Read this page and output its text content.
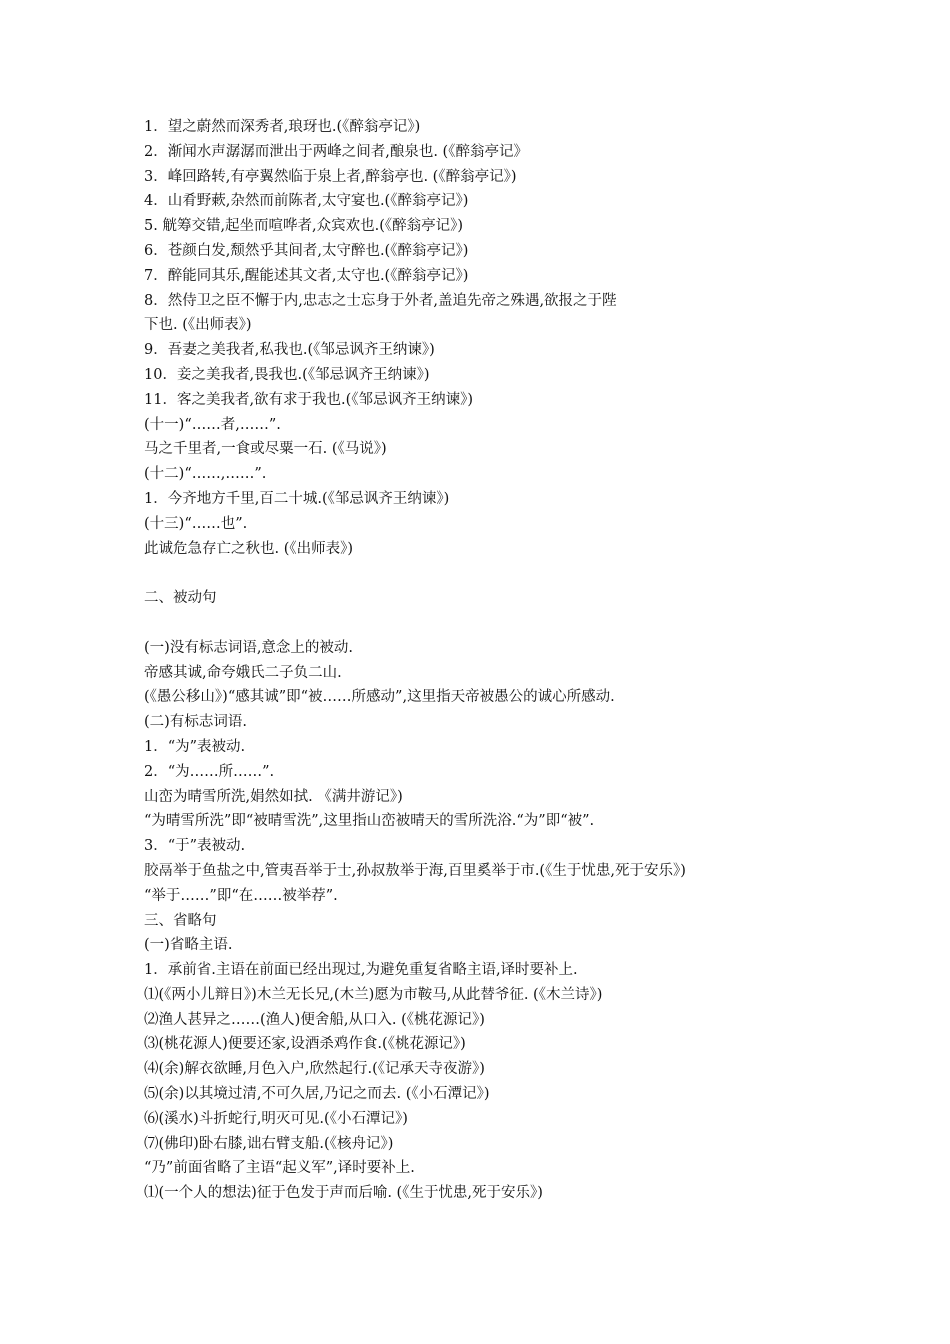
1．望之蔚然而深秀者,琅玡也.(《醉翁亭记》)
2．渐闻水声潺潺而泄出于两峰之间者,酿泉也. (《醉翁亭记》
3．峰回路转,有亭翼然临于泉上者,醉翁亭也. (《醉翁亭记》)
4．山肴野蔌,杂然而前陈者,太守宴也.(《醉翁亭记》)
5. 觥筹交错,起坐而喧哗者,众宾欢也.(《醉翁亭记》)
6．苍颜白发,颓然乎其间者,太守醉也.(《醉翁亭记》)
7．醉能同其乐,醒能述其文者,太守也.(《醉翁亭记》)
8．然侍卫之臣不懈于内,忠志之士忘身于外者,盖追先帝之殊遇,欲报之于陛
下也. (《出师表》)
9．吾妻之美我者,私我也.(《邹忌讽齐王纳谏》)
10．妾之美我者,畏我也.(《邹忌讽齐王纳谏》)
11．客之美我者,欲有求于我也.(《邹忌讽齐王纳谏》)
(十一)“……者,……”.
马之千里者,一食或尽粟一石. (《马说》)
(十二)“……,……”.
1．今齐地方千里,百二十城.(《邹忌讽齐王纳谏》)
(十三)“……也”.
此诚危急存亡之秋也. (《出师表》)
二、被动句
(一)没有标志词语,意念上的被动.
帝感其诚,命夸娥氏二子负二山.
(《愚公移山》)“感其诚”即“被……所感动”,这里指天帝被愚公的诚心所感动.
(二)有标志词语.
1．“为”表被动.
2．“为……所……”.
山峦为晴雪所洗,娟然如拭. 《满井游记》)
“为晴雪所洗”即“被晴雪洗”,这里指山峦被晴天的雪所洗浴.“为”即“被”.
3．“于”表被动.
胶鬲举于鱼盐之中,管夷吾举于士,孙叔敖举于海,百里奚举于市.(《生于忧患,死于安乐》)
“举于……”即“在……被举荐”.
三、省略句
(一)省略主语.
1．承前省.主语在前面已经出现过,为避免重复省略主语,译时要补上.
⑴(《两小儿辩日》)木兰无长兄,(木兰)愿为市鞍马,从此替爷征. (《木兰诗》)
⑵渔人甚异之……(渔人)便舍船,从口入. (《桃花源记》)
⑶(桃花源人)便要还家,设酒杀鸡作食.(《桃花源记》)
⑷(余)解衣欲睡,月色入户,欣然起行.(《记承天寺夜游》)
⑸(余)以其境过清,不可久居,乃记之而去. (《小石潭记》)
⑹(溪水)斗折蛇行,明灭可见.(《小石潭记》)
⑺(佛印)卧右膝,诎右臂支船.(《核舟记》)
“乃”前面省略了主语“起义军”,译时要补上.
⑴(一个人的想法)征于色发于声而后喻. (《生于忧患,死于安乐》)
